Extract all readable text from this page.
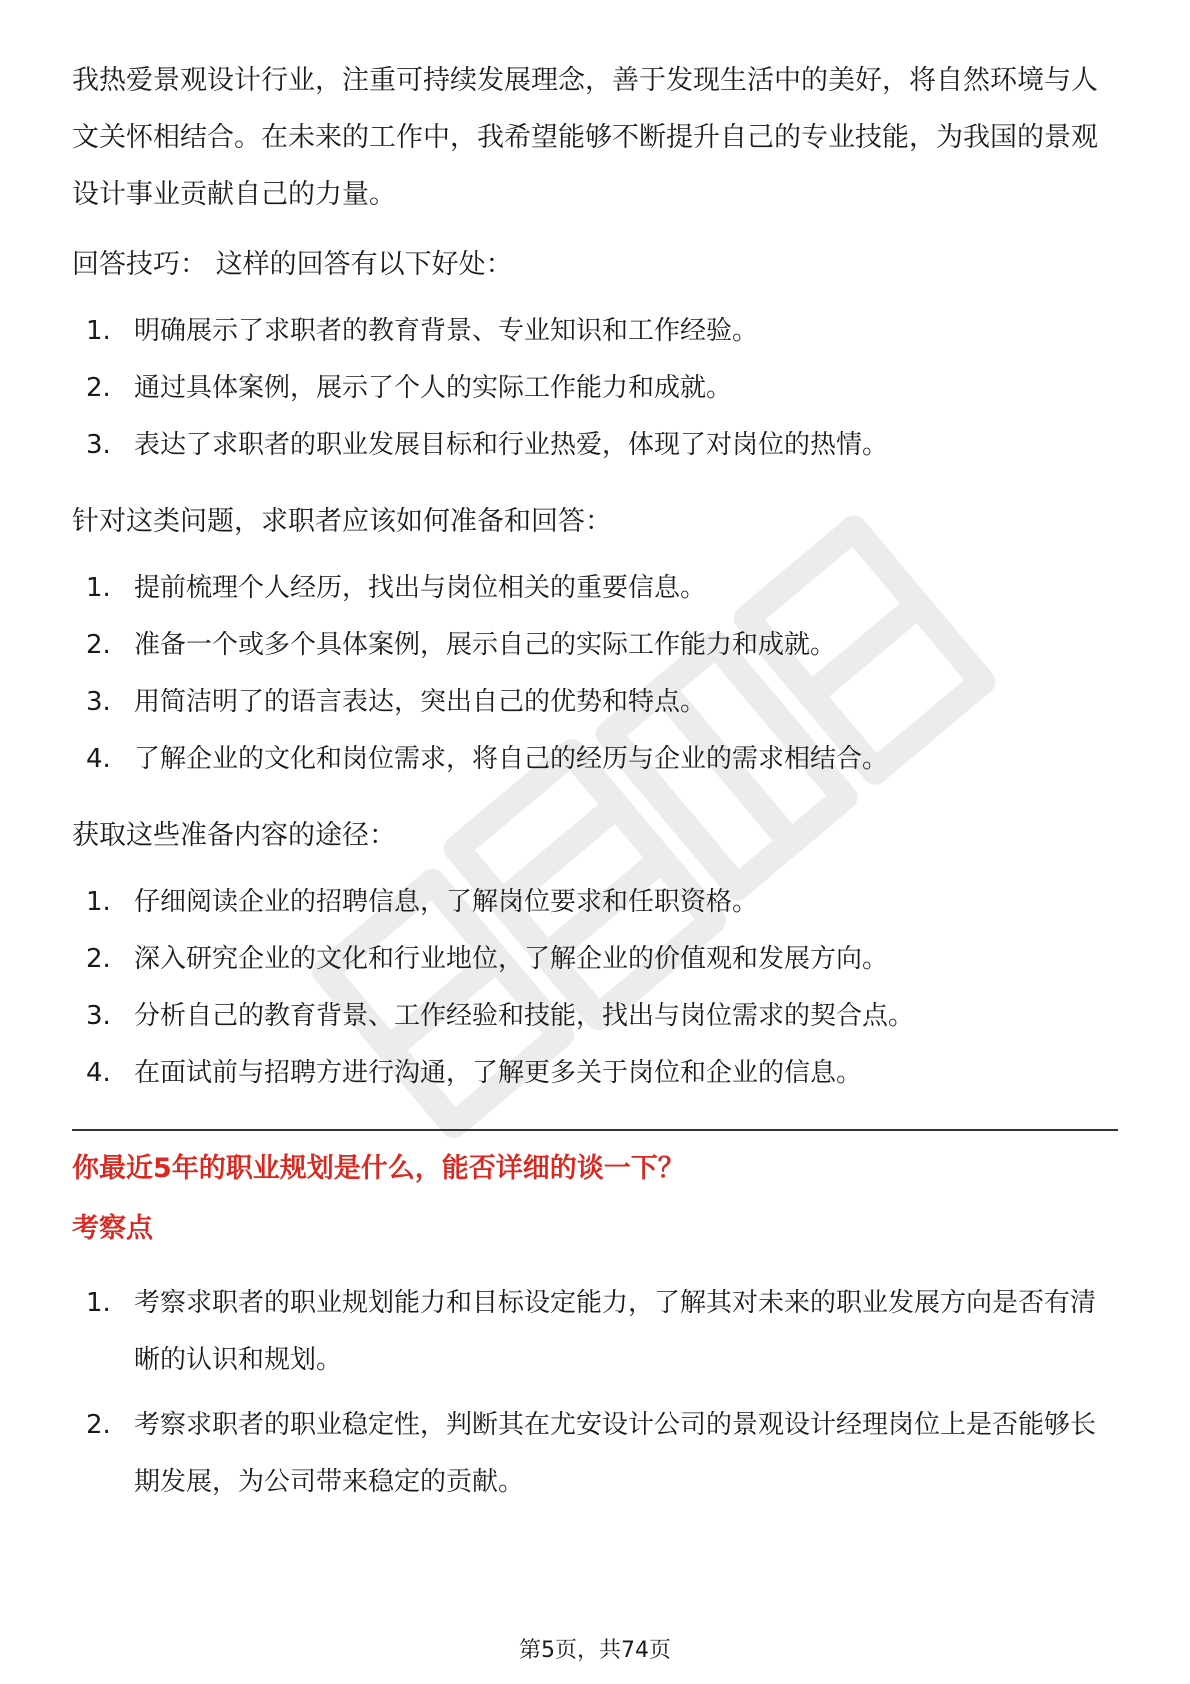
我热爱景观设计行业，注重可持续发展理念，善于发现生活中的美好，将自然环境与人文关怀相结合。在未来的工作中，我希望能够不断提升自己的专业技能，为我国的景观设计事业贡献自己的力量。

回答技巧： 这样的回答有以下好处：

1. 明确展示了求职者的教育背景、专业知识和工作经验。
2. 通过具体案例，展示了个人的实际工作能力和成就。
3. 表达了求职者的职业发展目标和行业热爱，体现了对岗位的热情。

针对这类问题，求职者应该如何准备和回答：

1. 提前梳理个人经历，找出与岗位相关的重要信息。
2. 准备一个或多个具体案例，展示自己的实际工作能力和成就。
3. 用简洁明了的语言表达，突出自己的优势和特点。
4. 了解企业的文化和岗位需求，将自己的经历与企业的需求相结合。

获取这些准备内容的途径：

1. 仔细阅读企业的招聘信息，了解岗位要求和任职资格。
2. 深入研究企业的文化和行业地位，了解企业的价值观和发展方向。
3. 分析自己的教育背景、工作经验和技能，找出与岗位需求的契合点。
4. 在面试前与招聘方进行沟通，了解更多关于岗位和企业的信息。

你最近5年的职业规划是什么，能否详细的谈一下？

考察点

1. 考察求职者的职业规划能力和目标设定能力，了解其对未来的职业发展方向是否有清晰的认识和规划。
2. 考察求职者的职业稳定性，判断其在尤安设计公司的景观设计经理岗位上是否能够长期发展，为公司带来稳定的贡献。
第5页，共74页
